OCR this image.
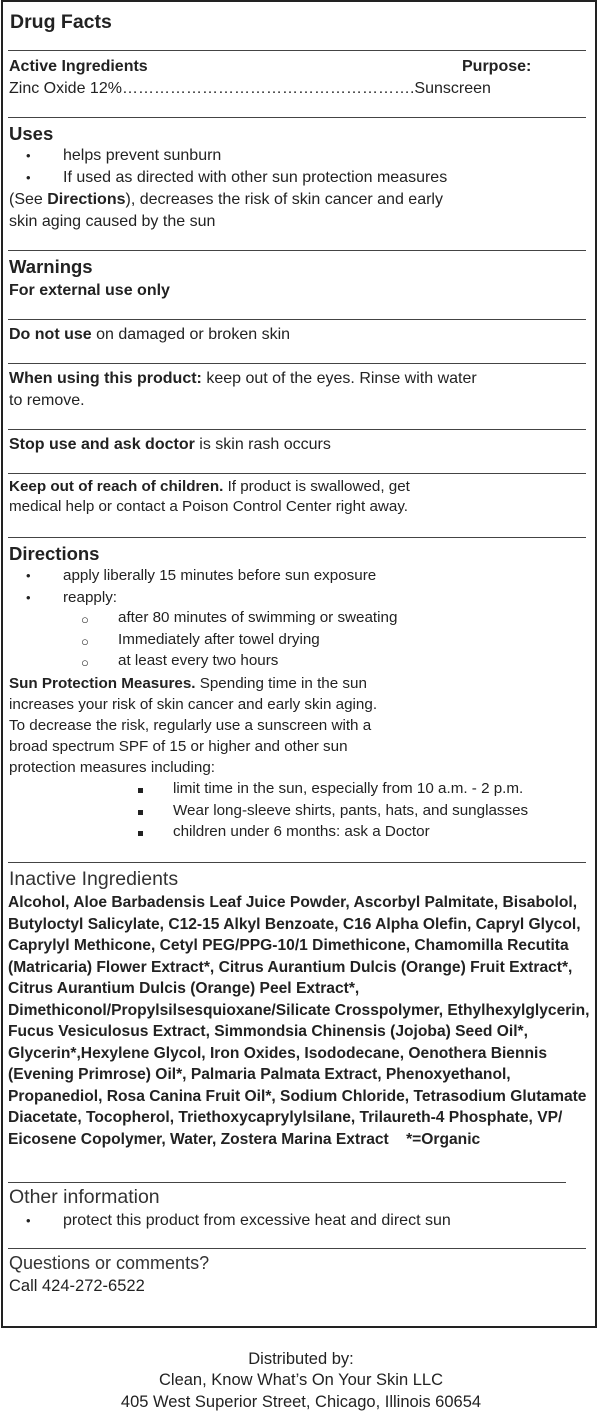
Drug Facts
Active Ingredients	Purpose:
Zinc Oxide 12%……………………………………………….Sunscreen
Uses
• helps prevent sunburn
• If used as directed with other sun protection measures
(See Directions), decreases the risk of skin cancer and early
skin aging caused by the sun
Warnings
For external use only
Do not use on damaged or broken skin
When using this product: keep out of the eyes. Rinse with water
to remove.
Stop use and ask doctor is skin rash occurs
Keep out of reach of children. If product is swallowed, get
medical help or contact a Poison Control Center right away.
Directions
• apply liberally 15 minutes before sun exposure
• reapply:
○ after 80 minutes of swimming or sweating
○ Immediately after towel drying
○ at least every two hours
Sun Protection Measures. Spending time in the sun
increases your risk of skin cancer and early skin aging.
To decrease the risk, regularly use a sunscreen with a
broad spectrum SPF of 15 or higher and other sun
protection measures including:
limit time in the sun, especially from 10 a.m. - 2 p.m.
Wear long-sleeve shirts, pants, hats, and sunglasses
children under 6 months: ask a Doctor
Inactive Ingredients
Alcohol, Aloe Barbadensis Leaf Juice Powder, Ascorbyl Palmitate, Bisabolol, Butyloctyl Salicylate, C12-15 Alkyl Benzoate, C16 Alpha Olefin, Capryl Glycol, Caprylyl Methicone, Cetyl PEG/PPG-10/1 Dimethicone, Chamomilla Recutita (Matricaria) Flower Extract*, Citrus Aurantium Dulcis (Orange) Fruit Extract*, Citrus Aurantium Dulcis (Orange) Peel Extract*, Dimethiconol/Propylsilsesquioxane/Silicate Crosspolymer, Ethylhexylglycerin, Fucus Vesiculosus Extract, Simmondsia Chinensis (Jojoba) Seed Oil*, Glycerin*,Hexylene Glycol, Iron Oxides, Isododecane, Oenothera Biennis (Evening Primrose) Oil*, Palmaria Palmata Extract, Phenoxyethanol, Propanediol, Rosa Canina Fruit Oil*, Sodium Chloride, Tetrasodium Glutamate Diacetate, Tocopherol, Triethoxycaprylylsilane, Trilaureth-4 Phosphate, VP/ Eicosene Copolymer, Water, Zostera Marina Extract *=Organic
Other information
• protect this product from excessive heat and direct sun
Questions or comments?
Call 424-272-6522
Distributed by:
Clean, Know What’s On Your Skin LLC
405 West Superior Street, Chicago, Illinois 60654
